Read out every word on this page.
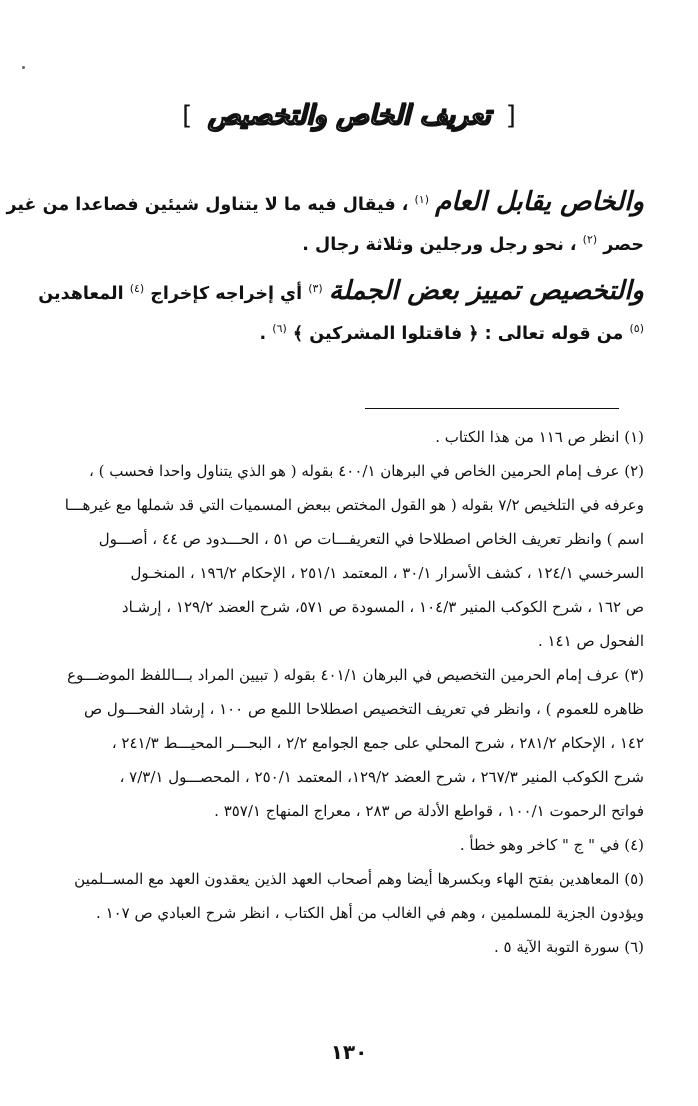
[ تعريف الخاص والتخصيص ]
والخاص يقابل العام $^{(١)}$ ، فيقال فيه ما لا يتناول شيئين فصاعدا من غير
حصر $^{(٢)}$ ، نحو رجل ورجلين وثلاثة رجال .
والتخصيص تمييز بعض الجملة $^{(٣)}$ أي إخراجه كإخراج $^{(٤)}$ المعاهدين
$^{(٥)}$ من قوله تعالى : ﴿ فاقتلوا المشركين ﴾ $^{(٦)}$ .

(١) انظر ص ١١٦ من هذا الكتاب .

(٢) عرف إمام الحرمين الخاص في البرهان ٤٠٠/١ بقوله ( هو الذي يتناول واحدا فحسب ) ،

وعرفه في التلخيص ٧/٢ بقوله ( هو القول المختص ببعض المسميات التي قد شملها مع غيرهـــا

اسم ) وانظر تعريف الخاص اصطلاحا في التعريفـــات ص ٥١ ، الحـــدود ص ٤٤ ، أصـــول

السرخسي ١٢٤/١ ، كشف الأسرار ٣٠/١ ، المعتمد ٢٥١/١ ، الإحكام ١٩٦/٢ ، المنخـول

ص ١٦٢ ، شرح الكوكب المنير ١٠٤/٣ ، المسودة ص ٥٧١، شرح العضد ١٢٩/٢ ، إرشـاد

الفحول ص ١٤١ .

(٣) عرف إمام الحرمين التخصيص في البرهان ٤٠١/١ بقوله ( تبيين المراد بـــاللفظ الموضـــوع

ظاهره للعموم ) ، وانظر في تعريف التخصيص اصطلاحا اللمع ص ١٠٠ ، إرشاد الفحـــول ص

١٤٢ ، الإحكام ٢٨١/٢ ، شرح المحلي على جمع الجوامع ٢/٢ ، البحـــر المحيـــط ٢٤١/٣ ،

شرح الكوكب المنير ٢٦٧/٣ ، شرح العضد ١٢٩/٢، المعتمد ٢٥٠/١ ، المحصـــول ٧/٣/١ ،

فواتح الرحموت ١٠٠/١ ، قواطع الأدلة ص ٢٨٣ ، معراج المنهاج ٣٥٧/١ .

(٤) في " ج " كاخر وهو خطأ .

(٥) المعاهدين بفتح الهاء وبكسرها أيضا وهم أصحاب العهد الذين يعقدون العهد مع المســلمين

ويؤدون الجزية للمسلمين ، وهم في الغالب من أهل الكتاب ، انظر شرح العبادي ص ١٠٧ .

(٦) سورة التوبة الآية ٥ .

١٣٠
